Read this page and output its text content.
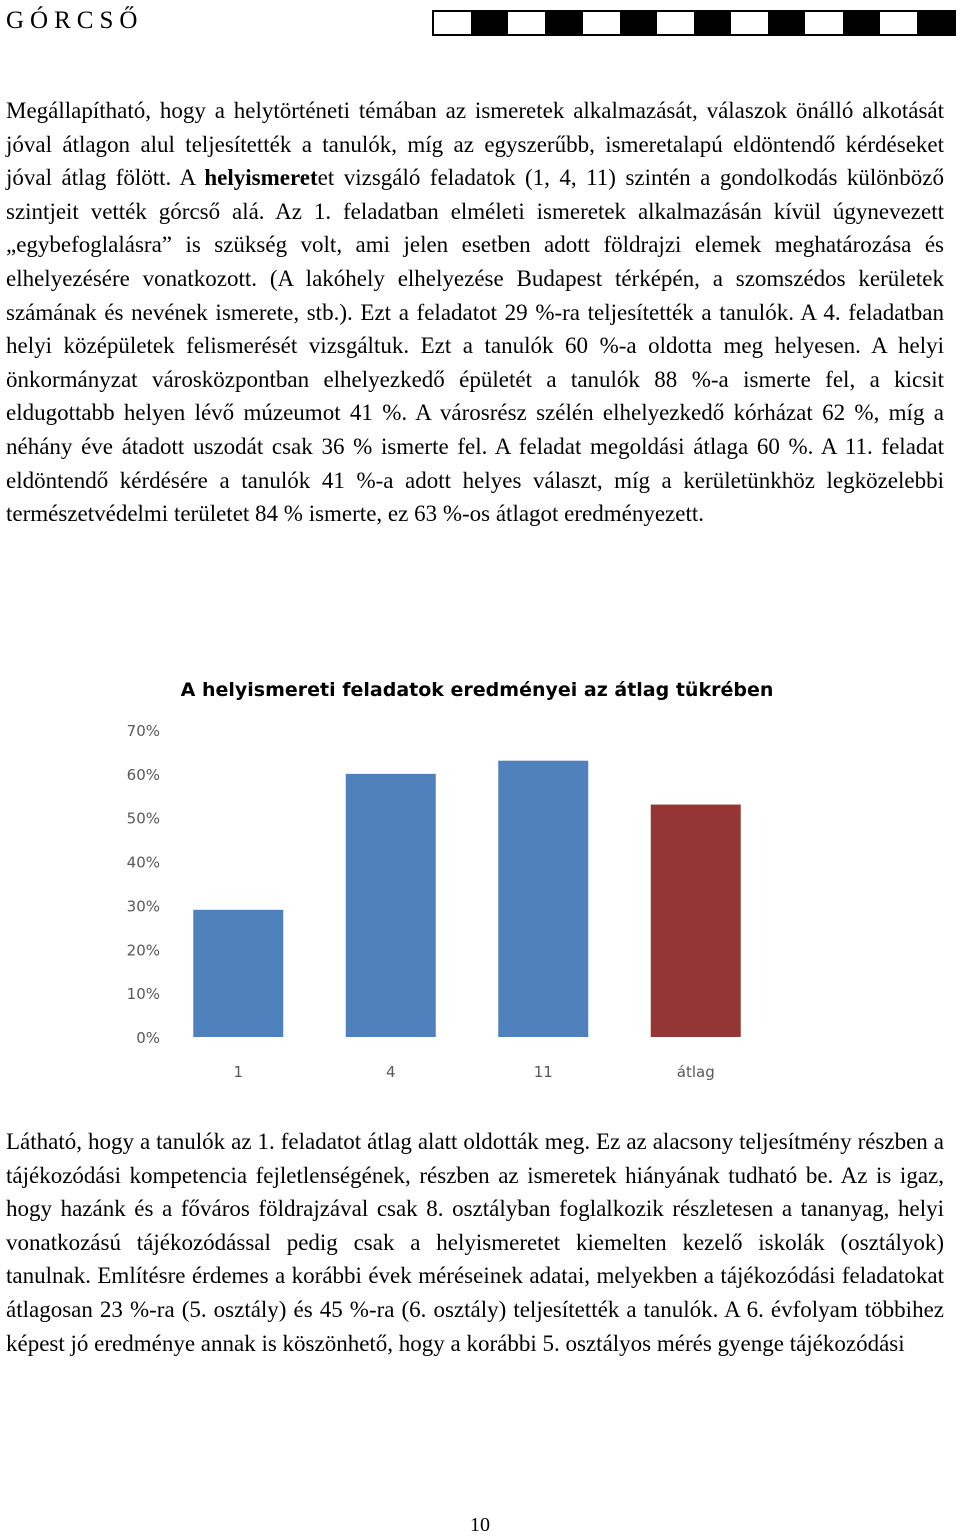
GÓRCSŐ

Megállapítható, hogy a helytörténeti témában az ismeretek alkalmazását, válaszok önálló alkotását jóval átlagon alul teljesítették a tanulók, míg az egyszerűbb, ismeretalapú eldöntendő kérdéseket jóval átlag fölött. A helyismeretet vizsgáló feladatok (1, 4, 11) szintén a gondolkodás különböző szintjeit vették górcső alá. Az 1. feladatban elméleti ismeretek alkalmazásán kívül úgynevezett „egybefoglalásra” is szükség volt, ami jelen esetben adott földrajzi elemek meghatározása és elhelyezésére vonatkozott. (A lakóhely elhelyezése Budapest térképén, a szomszédos kerületek számának és nevének ismerete, stb.). Ezt a feladatot 29 %-ra teljesítették a tanulók. A 4. feladatban helyi középületek felismerését vizsgáltuk. Ezt a tanulók 60 %-a oldotta meg helyesen. A helyi önkormányzat városközpontban elhelyezkedő épületét a tanulók 88 %-a ismerte fel, a kicsit eldugottabb helyen lévő múzeumot 41 %. A városrész szélén elhelyezkedő kórházat 62 %, míg a néhány éve átadott uszodát csak 36 % ismerte fel. A feladat megoldási átlaga 60 %. A 11. feladat eldöntendő kérdésére a tanulók 41 %-a adott helyes választ, míg a kerületünkhöz legközelebbi természetvédelmi területet 84 % ismerte, ez 63 %-os átlagot eredményezett.

A helyismereti feladatok eredményei az átlag tükrében
0%
10%
20%
30%
40%
50%
60%
70%
1	4	11	átlag

Látható, hogy a tanulók az 1. feladatot átlag alatt oldották meg. Ez az alacsony teljesítmény részben a tájékozódási kompetencia fejletlenségének, részben az ismeretek hiányának tudható be. Az is igaz, hogy hazánk és a főváros földrajzával csak 8. osztályban foglalkozik részletesen a tananyag, helyi vonatkozású tájékozódással pedig csak a helyismeretet kiemelten kezelő iskolák (osztályok) tanulnak. Említésre érdemes a korábbi évek méréseinek adatai, melyekben a tájékozódási feladatokat átlagosan 23 %-ra (5. osztály) és 45 %-ra (6. osztály) teljesítették a tanulók. A 6. évfolyam többihez képest jó eredménye annak is köszönhető, hogy a korábbi 5. osztályos mérés gyenge tájékozódási

10
